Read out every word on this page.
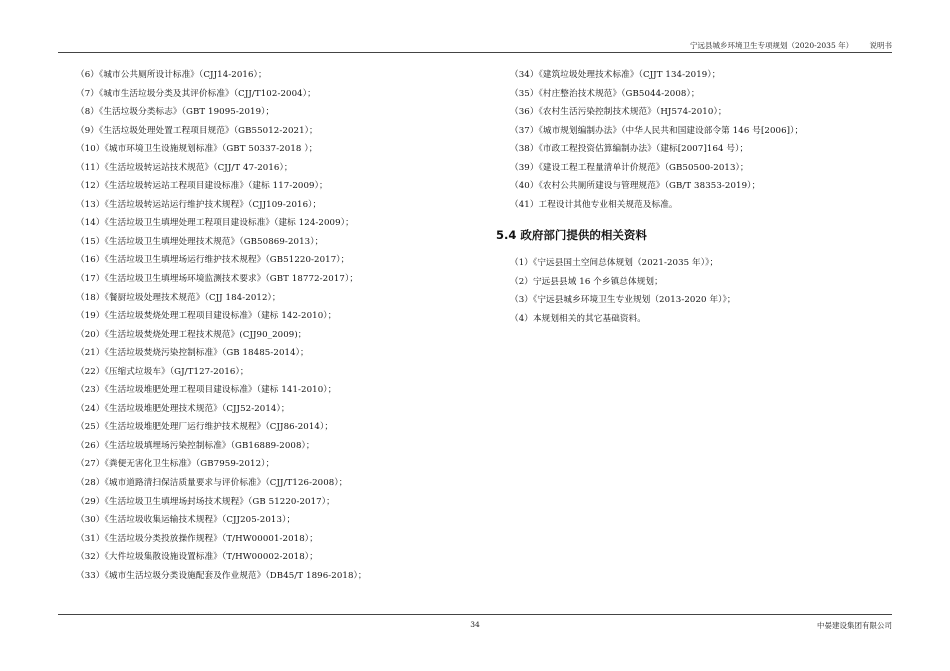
宁远县城乡环境卫生专项规划（2020-2035 年） 说明书
（6）《城市公共厕所设计标准》（CJJ14-2016）；
（7）《城市生活垃圾分类及其评价标准》（CJJ/T102-2004）；
（8）《生活垃圾分类标志》（GBT 19095-2019）；
（9）《生活垃圾处理处置工程项目规范》（GB55012-2021）；
（10）《城市环境卫生设施规划标准》（GBT 50337-2018 ）；
（11）《生活垃圾转运站技术规范》（CJJ/T 47-2016）；
（12）《生活垃圾转运站工程项目建设标准》（建标 117-2009）；
（13）《生活垃圾转运站运行维护技术规程》（CJJ109-2016）；
（14）《生活垃圾卫生填埋处理工程项目建设标准》（建标 124-2009）；
（15）《生活垃圾卫生填埋处理技术规范》（GB50869-2013）；
（16）《生活垃圾卫生填埋场运行维护技术规程》（GB51220-2017）；
（17）《生活垃圾卫生填埋场环境监测技术要求》（GBT 18772-2017）；
（18）《餐厨垃圾处理技术规范》（CJJ 184-2012）；
（19）《生活垃圾焚烧处理工程项目建设标准》（建标 142-2010）；
（20）《生活垃圾焚烧处理工程技术规范》(CJJ90_2009)；
（21）《生活垃圾焚烧污染控制标准》（GB 18485-2014）；
（22）《压缩式垃圾车》（GJ/T127-2016）；
（23）《生活垃圾堆肥处理工程项目建设标准》（建标 141-2010）；
（24）《生活垃圾堆肥处理技术规范》（CJJ52-2014）；
（25）《生活垃圾堆肥处理厂运行维护技术规程》（CJJ86-2014）；
（26）《生活垃圾填埋场污染控制标准》（GB16889-2008）；
（27）《粪便无害化卫生标准》（GB7959-2012）；
（28）《城市道路清扫保洁质量要求与评价标准》（CJJ/T126-2008）；
（29）《生活垃圾卫生填埋场封场技术规程》（GB 51220-2017）；
（30）《生活垃圾收集运输技术规程》（CJJ205-2013）；
（31）《生活垃圾分类投放操作规程》（T/HW00001-2018）；
（32）《大件垃圾集散设施设置标准》（T/HW00002-2018）；
（33）《城市生活垃圾分类设施配套及作业规范》（DB45/T 1896-2018）；
（34）《建筑垃圾处理技术标准》（CJJT 134-2019）；
（35）《村庄整治技术规范》（GB5044-2008）；
（36）《农村生活污染控制技术规范》（HJ574-2010）；
（37）《城市规划编制办法》（中华人民共和国建设部令第 146 号[2006]）；
（38）《市政工程投资估算编制办法》（建标[2007]164 号）；
（39）《建设工程工程量清单计价规范》（GB50500-2013）；
（40）《农村公共厕所建设与管理规范》（GB/T 38353-2019）；
（41）工程设计其他专业相关规范及标准。
5.4 政府部门提供的相关资料
（1）《宁远县国土空间总体规划（2021-2035 年）》；
（2）宁远县县域 16 个乡镇总体规划；
（3）《宁远县城乡环境卫生专业规划（2013-2020 年）》；
（4）本规划相关的其它基础资料。
34	中晏建设集团有限公司
